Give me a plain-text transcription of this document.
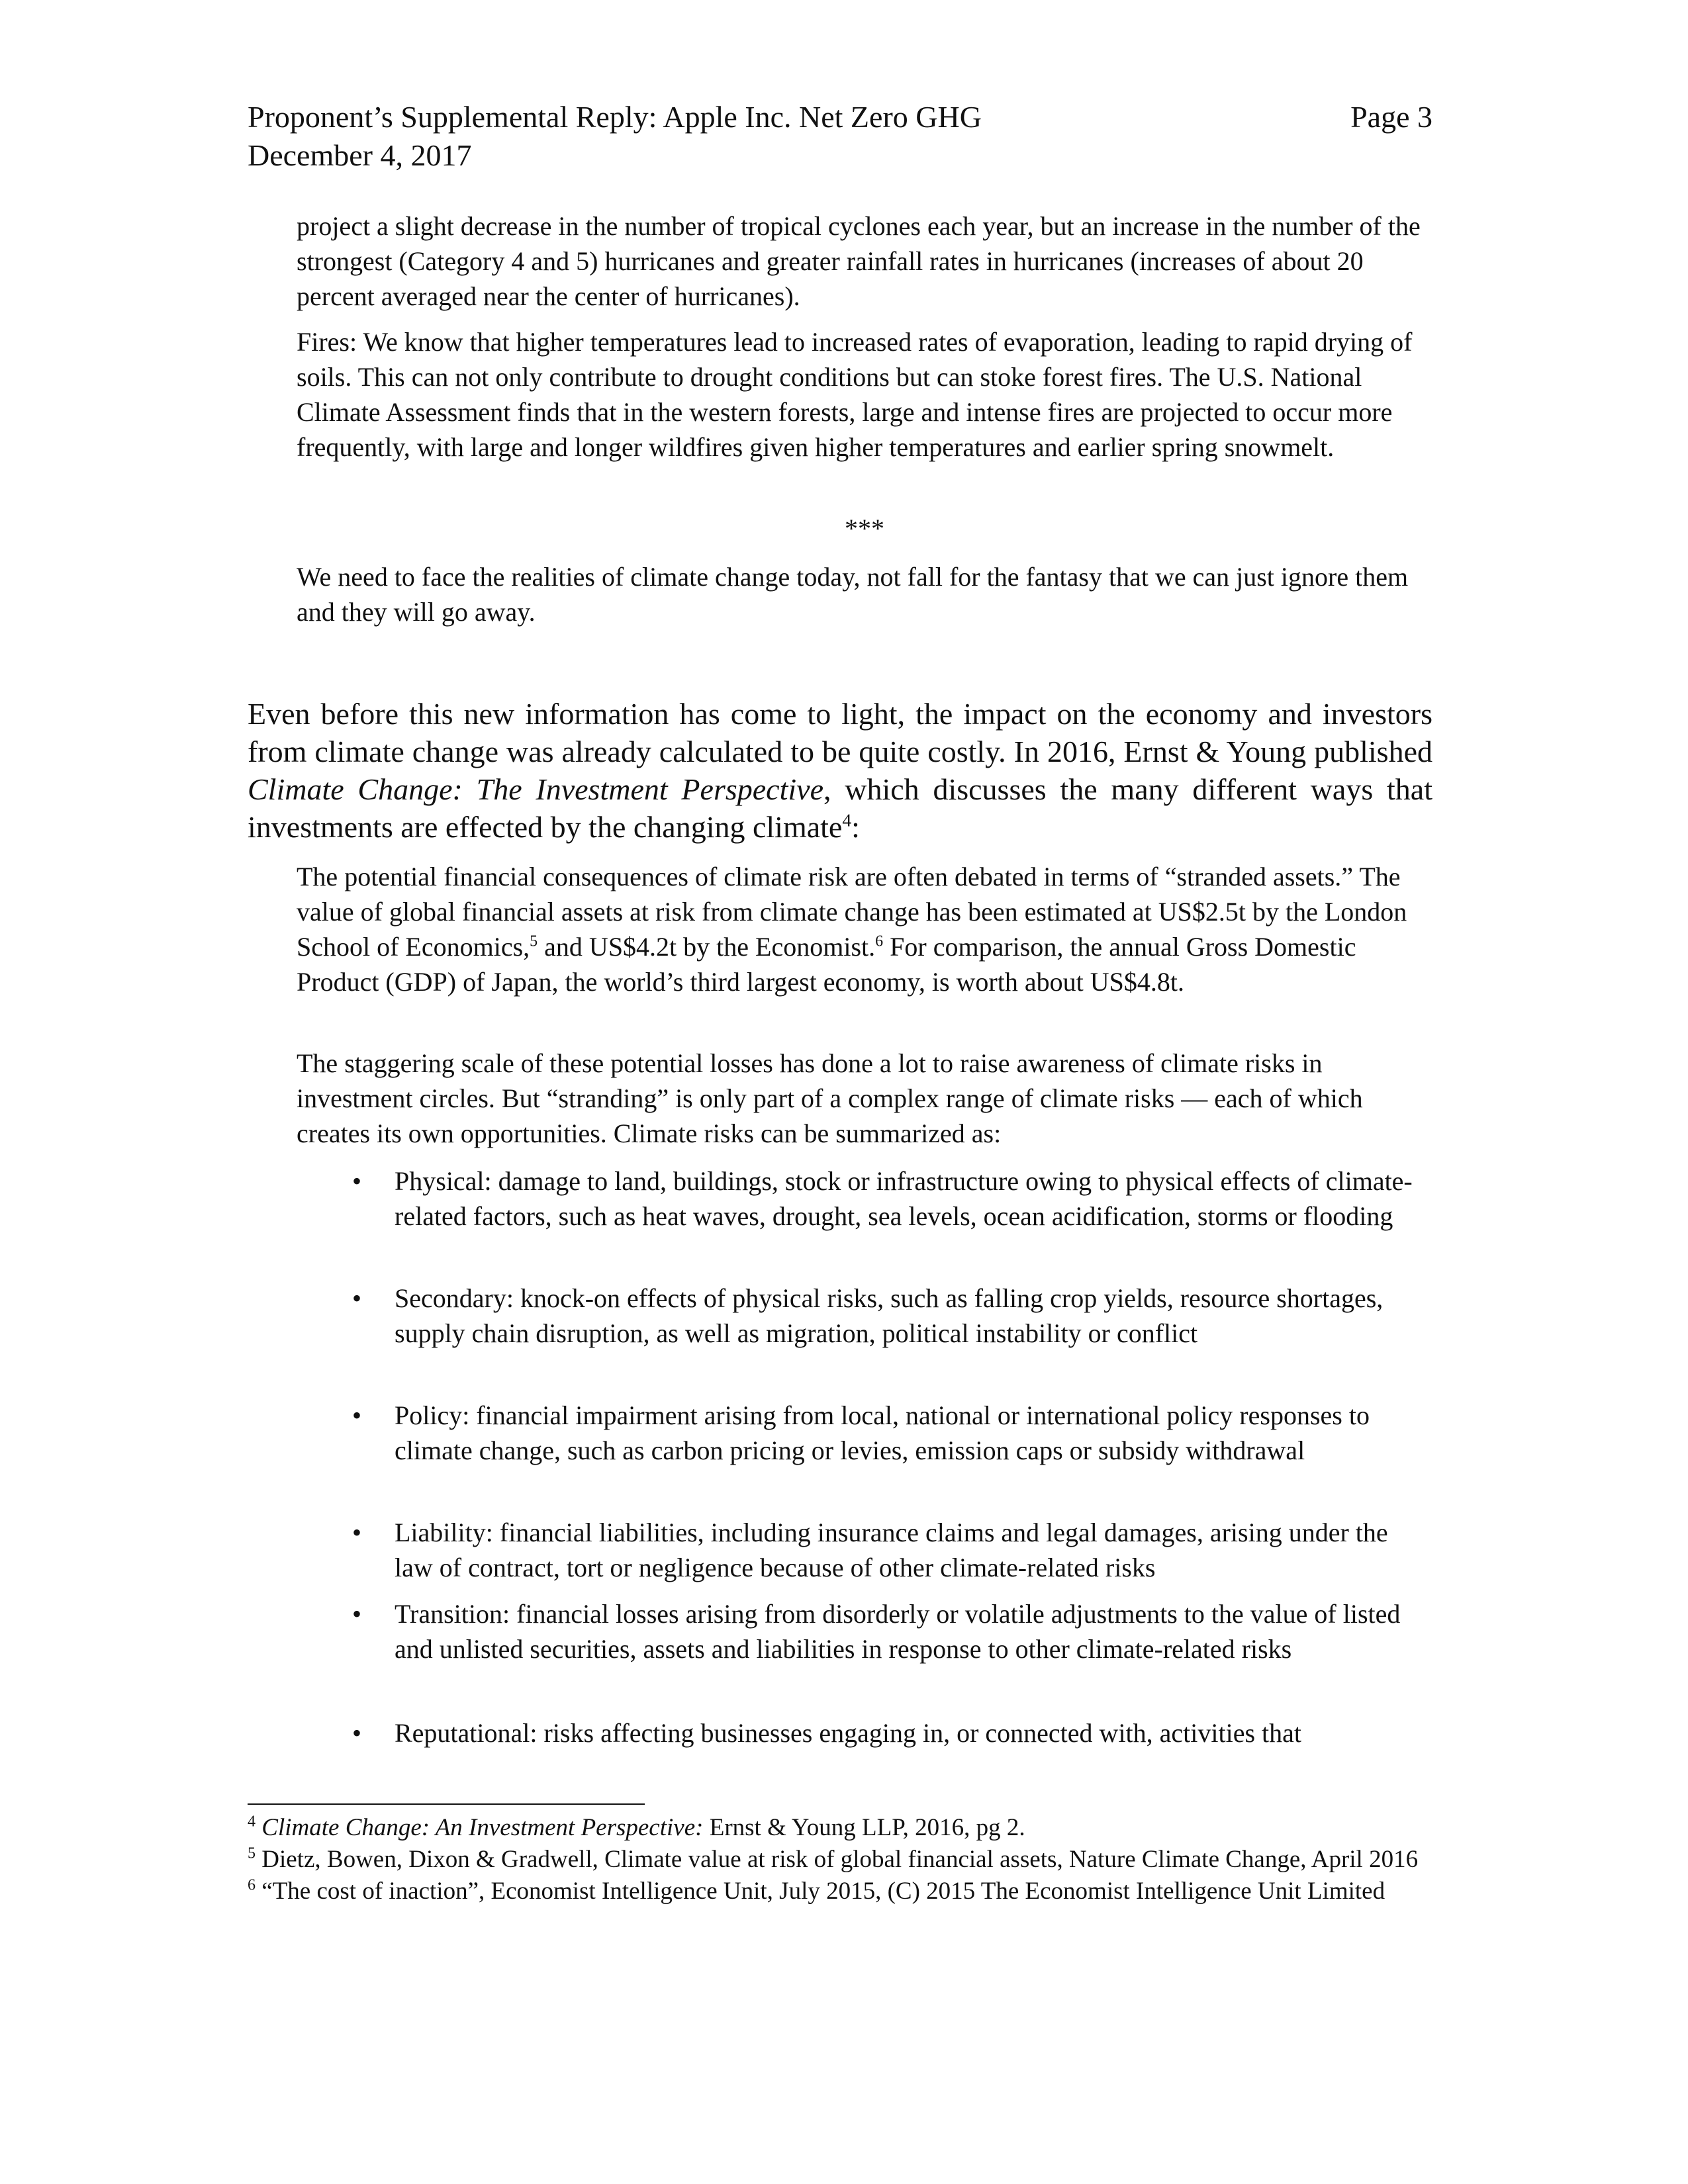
Proponent’s Supplemental Reply: Apple Inc. Net Zero GHG	Page 3
December 4, 2017

project a slight decrease in the number of tropical cyclones each year, but an increase in the number of the strongest (Category 4 and 5) hurricanes and greater rainfall rates in hurricanes (increases of about 20 percent averaged near the center of hurricanes).

Fires: We know that higher temperatures lead to increased rates of evaporation, leading to rapid drying of soils. This can not only contribute to drought conditions but can stoke forest fires. The U.S. National Climate Assessment finds that in the western forests, large and intense fires are projected to occur more frequently, with large and longer wildfires given higher temperatures and earlier spring snowmelt.

***

We need to face the realities of climate change today, not fall for the fantasy that we can just ignore them and they will go away.

Even before this new information has come to light, the impact on the economy and investors from climate change was already calculated to be quite costly. In 2016, Ernst & Young published Climate Change: The Investment Perspective, which discusses the many different ways that investments are effected by the changing climate$^4$:

The potential financial consequences of climate risk are often debated in terms of “stranded assets.” The value of global financial assets at risk from climate change has been estimated at US$2.5t by the London School of Economics,$^5$ and US$4.2t by the Economist.$^6$ For comparison, the annual Gross Domestic Product (GDP) of Japan, the world’s third largest economy, is worth about US$4.8t.

The staggering scale of these potential losses has done a lot to raise awareness of climate risks in investment circles. But “stranding” is only part of a complex range of climate risks — each of which creates its own opportunities. Climate risks can be summarized as:

• Physical: damage to land, buildings, stock or infrastructure owing to physical effects of climate-related factors, such as heat waves, drought, sea levels, ocean acidification, storms or flooding
• Secondary: knock-on effects of physical risks, such as falling crop yields, resource shortages, supply chain disruption, as well as migration, political instability or conflict
• Policy: financial impairment arising from local, national or international policy responses to climate change, such as carbon pricing or levies, emission caps or subsidy withdrawal
• Liability: financial liabilities, including insurance claims and legal damages, arising under the law of contract, tort or negligence because of other climate-related risks
• Transition: financial losses arising from disorderly or volatile adjustments to the value of listed and unlisted securities, assets and liabilities in response to other climate-related risks
• Reputational: risks affecting businesses engaging in, or connected with, activities that

$^4$ Climate Change: An Investment Perspective: Ernst & Young LLP, 2016, pg 2.

$^5$ Dietz, Bowen, Dixon & Gradwell, Climate value at risk of global financial assets, Nature Climate Change, April 2016

$^6$ “The cost of inaction”, Economist Intelligence Unit, July 2015, (C) 2015 The Economist Intelligence Unit Limited
